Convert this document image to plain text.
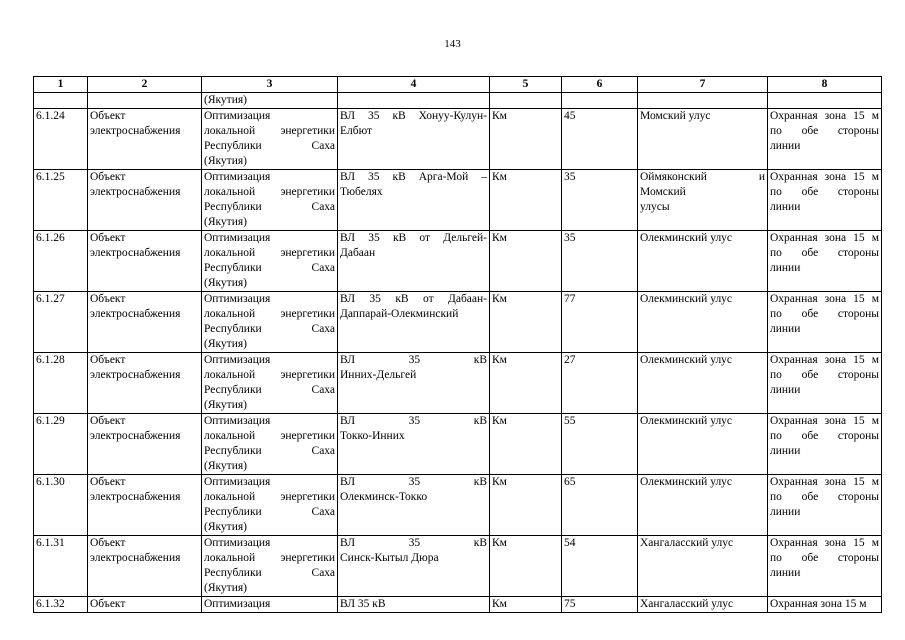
143
1	2	3	4	5	6	7	8
		(Якутия)					

6.1.24	Объект
электроснабжения	Оптимизация
локальной энергетики
Республики Саха
(Якутия)	ВЛ 35 кВ Хонуу-Кулун-
Елбют	Км	45	Момский улус	Охранная зона 15 м
по обе стороны
линии

6.1.25	Объект
электроснабжения	Оптимизация
локальной энергетики
Республики Саха
(Якутия)	ВЛ 35 кВ Арга-Мой –
Тюбелях	Км	35	Оймяконский и
Момский
улусы	Охранная зона 15 м
по обе стороны
линии

6.1.26	Объект
электроснабжения	Оптимизация
локальной энергетики
Республики Саха
(Якутия)	ВЛ 35 кВ от Дельгей-
Дабаан	Км	35	Олекминский улус	Охранная зона 15 м
по обе стороны
линии

6.1.27	Объект
электроснабжения	Оптимизация
локальной энергетики
Республики Саха
(Якутия)	ВЛ 35 кВ от Дабаан-
Даппарай-Олекминский	Км	77	Олекминский улус	Охранная зона 15 м
по обе стороны
линии

6.1.28	Объект
электроснабжения	Оптимизация
локальной энергетики
Республики Саха
(Якутия)	ВЛ 35 кВ
Инних-Дельгей	Км	27	Олекминский улус	Охранная зона 15 м
по обе стороны
линии

6.1.29	Объект
электроснабжения	Оптимизация
локальной энергетики
Республики Саха
(Якутия)	ВЛ 35 кВ
Токко-Инних	Км	55	Олекминский улус	Охранная зона 15 м
по обе стороны
линии

6.1.30	Объект
электроснабжения	Оптимизация
локальной энергетики
Республики Саха
(Якутия)	ВЛ 35 кВ
Олекминск-Токко	Км	65	Олекминский улус	Охранная зона 15 м
по обе стороны
линии

6.1.31	Объект
электроснабжения	Оптимизация
локальной энергетики
Республики Саха
(Якутия)	ВЛ 35 кВ
Синск-Кытыл Дюра	Км	54	Хангаласский улус	Охранная зона 15 м
по обе стороны
линии

6.1.32	Объект	Оптимизация	ВЛ 35 кВ	Км	75	Хангаласский улус	Охранная зона 15 м
